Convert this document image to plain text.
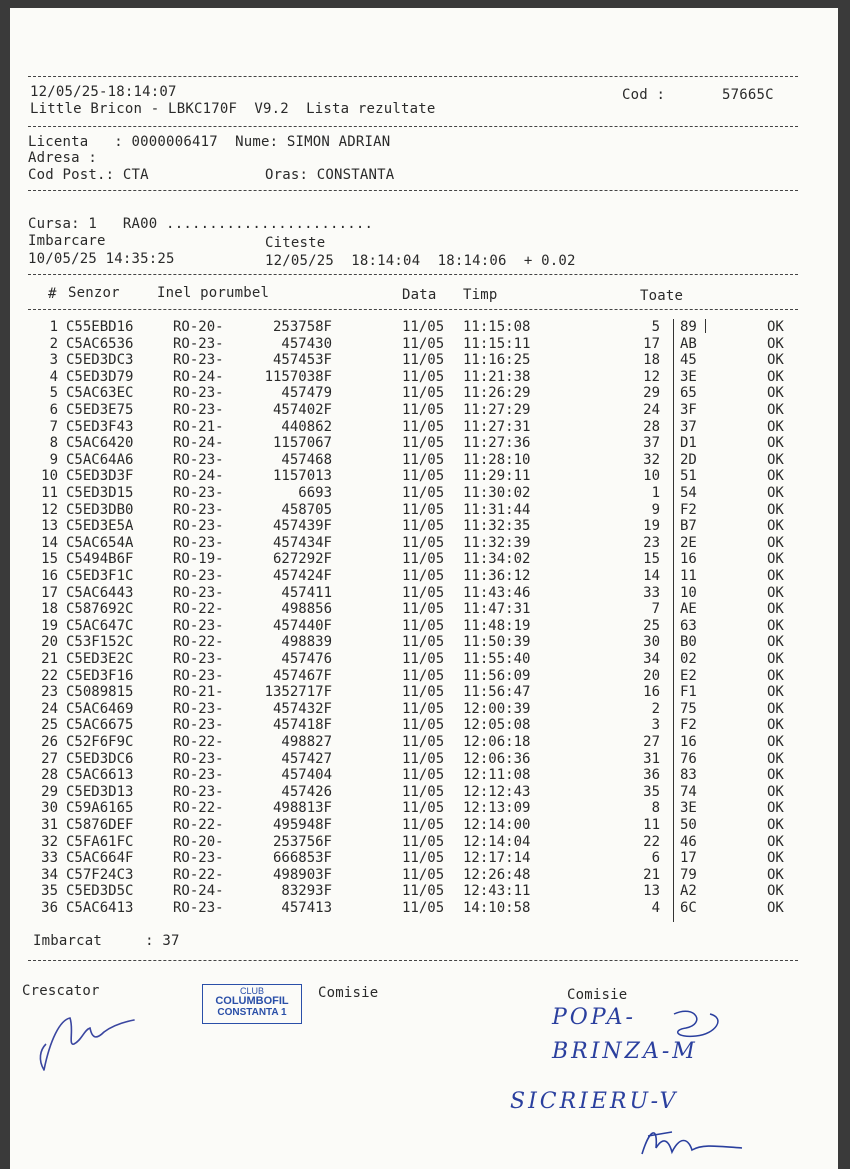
12/05/25-18:14:07
Little Bricon - LBKC170F  V9.2  Lista rezultate
Cod :	57665C
Licenta   : 0000006417  Nume: SIMON ADRIAN
Adresa :
Cod Post.: CTA	Oras: CONSTANTA
Cursa: 1   RA00 ........................
Imbarcare	Citeste
10/05/25 14:35:25	12/05/25  18:14:04  18:14:06  + 0.02
# Senzor	Inel porumbel	Data Timp	Toate
1 C55EBD16	RO-20-	253758F	11/05 11:15:08	5 89	OK
2 C5AC6536	RO-23-	457430	11/05 11:15:11	17 AB	OK
3 C5ED3DC3	RO-23-	457453F	11/05 11:16:25	18 45	OK
4 C5ED3D79	RO-24-	1157038F	11/05 11:21:38	12 3E	OK
5 C5AC63EC	RO-23-	457479	11/05 11:26:29	29 65	OK
6 C5ED3E75	RO-23-	457402F	11/05 11:27:29	24 3F	OK
7 C5ED3F43	RO-21-	440862	11/05 11:27:31	28 37	OK
8 C5AC6420	RO-24-	1157067	11/05 11:27:36	37 D1	OK
9 C5AC64A6	RO-23-	457468	11/05 11:28:10	32 2D	OK
10 C5ED3D3F	RO-24-	1157013	11/05 11:29:11	10 51	OK
11 C5ED3D15	RO-23-	6693	11/05 11:30:02	1 54	OK
12 C5ED3DB0	RO-23-	458705	11/05 11:31:44	9 F2	OK
13 C5ED3E5A	RO-23-	457439F	11/05 11:32:35	19 B7	OK
14 C5AC654A	RO-23-	457434F	11/05 11:32:39	23 2E	OK
15 C5494B6F	RO-19-	627292F	11/05 11:34:02	15 16	OK
16 C5ED3F1C	RO-23-	457424F	11/05 11:36:12	14 11	OK
17 C5AC6443	RO-23-	457411	11/05 11:43:46	33 10	OK
18 C587692C	RO-22-	498856	11/05 11:47:31	7 AE	OK
19 C5AC647C	RO-23-	457440F	11/05 11:48:19	25 63	OK
20 C53F152C	RO-22-	498839	11/05 11:50:39	30 B0	OK
21 C5ED3E2C	RO-23-	457476	11/05 11:55:40	34 02	OK
22 C5ED3F16	RO-23-	457467F	11/05 11:56:09	20 E2	OK
23 C5089815	RO-21-	1352717F	11/05 11:56:47	16 F1	OK
24 C5AC6469	RO-23-	457432F	11/05 12:00:39	2 75	OK
25 C5AC6675	RO-23-	457418F	11/05 12:05:08	3 F2	OK
26 C52F6F9C	RO-22-	498827	11/05 12:06:18	27 16	OK
27 C5ED3DC6	RO-23-	457427	11/05 12:06:36	31 76	OK
28 C5AC6613	RO-23-	457404	11/05 12:11:08	36 83	OK
29 C5ED3D13	RO-23-	457426	11/05 12:12:43	35 74	OK
30 C59A6165	RO-22-	498813F	11/05 12:13:09	8 3E	OK
31 C5876DEF	RO-22-	495948F	11/05 12:14:00	11 50	OK
32 C5FA61FC	RO-20-	253756F	11/05 12:14:04	22 46	OK
33 C5AC664F	RO-23-	666853F	11/05 12:17:14	6 17	OK
34 C57F24C3	RO-22-	498903F	11/05 12:26:48	21 79	OK
35 C5ED3D5C	RO-24-	83293F	11/05 12:43:11	13 A2	OK
36 C5AC6413	RO-23-	457413	11/05 14:10:58	4 6C	OK
Imbarcat     : 37
Crescator	Comisie	Comisie
CLUB
COLUMBOFIL
CONSTANTA 1	POPA-
BRINZA-M
SICRIERU-V
